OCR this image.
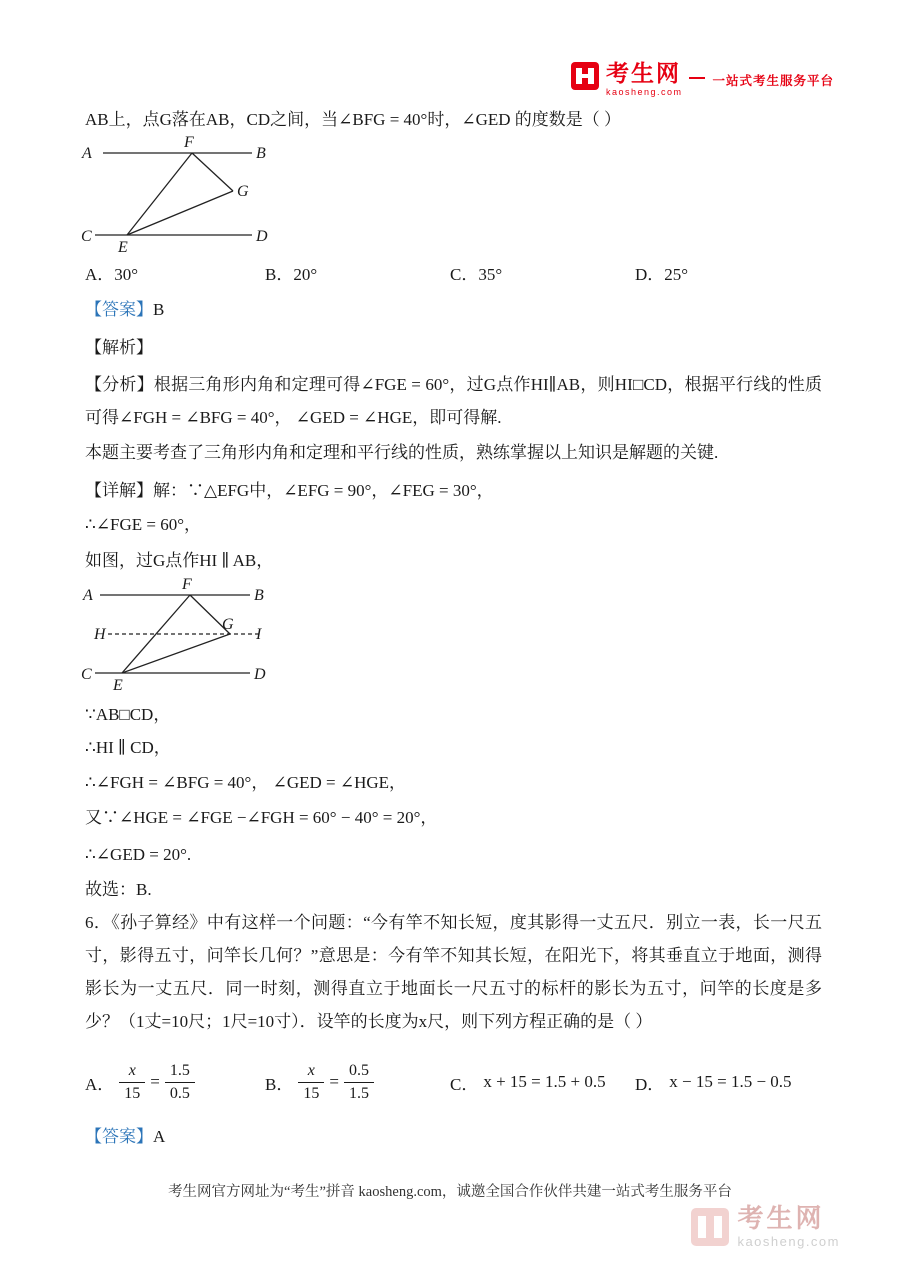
考生网
kaosheng.com
一站式考生服务平台
AB上，点G落在AB，CD之间，当∠BFG = 40°时，∠GED 的度数是（ ）
A	B
F
G
C	D
E
A．30°	B．20°	C．35°	D．25°
【答案】B
【解析】
【分析】根据三角形内角和定理可得∠FGE = 60°，过G点作HI∥AB，则HI□CD，根据平行线的性质可得∠FGH = ∠BFG = 40°， ∠GED = ∠HGE，即可得解.
本题主要考查了三角形内角和定理和平行线的性质，熟练掌握以上知识是解题的关键.
【详解】解：∵△EFG中，∠EFG = 90°，∠FEG = 30°，
∴∠FGE = 60°，
如图，过G点作HI ∥ AB，
A
F
B
H
G
I
C	D
E
∵AB□CD，
∴HI ∥ CD，
∴∠FGH = ∠BFG = 40°， ∠GED = ∠HGE，
又∵∠HGE = ∠FGE −∠FGH = 60° − 40° = 20°，
∴∠GED = 20°.
故选：B.
6．《孙子算经》中有这样一个问题：“今有竿不知长短，度其影得一丈五尺．别立一表，长一尺五寸，影得五寸，问竿长几何？”意思是：今有竿不知其长短，在阳光下，将其垂直立于地面，测得影长为一丈五尺．同一时刻，测得直立于地面长一尺五寸的标杆的影长为五寸，问竿的长度是多少？（1丈=10尺；1尺=10寸）．设竿的长度为x尺，则下列方程正确的是（ ）
A． $\frac{x}{15} = \frac{1.5}{0.5}$	B． $\frac{x}{15} = \frac{0.5}{1.5}$	C． x + 15 = 1.5 + 0.5 D． x − 15 = 1.5 − 0.5
【答案】A
考生网官方网址为“考生”拼音 kaosheng.com，诚邀全国合作伙伴共建一站式考生服务平台
考生网
kaosheng.com
